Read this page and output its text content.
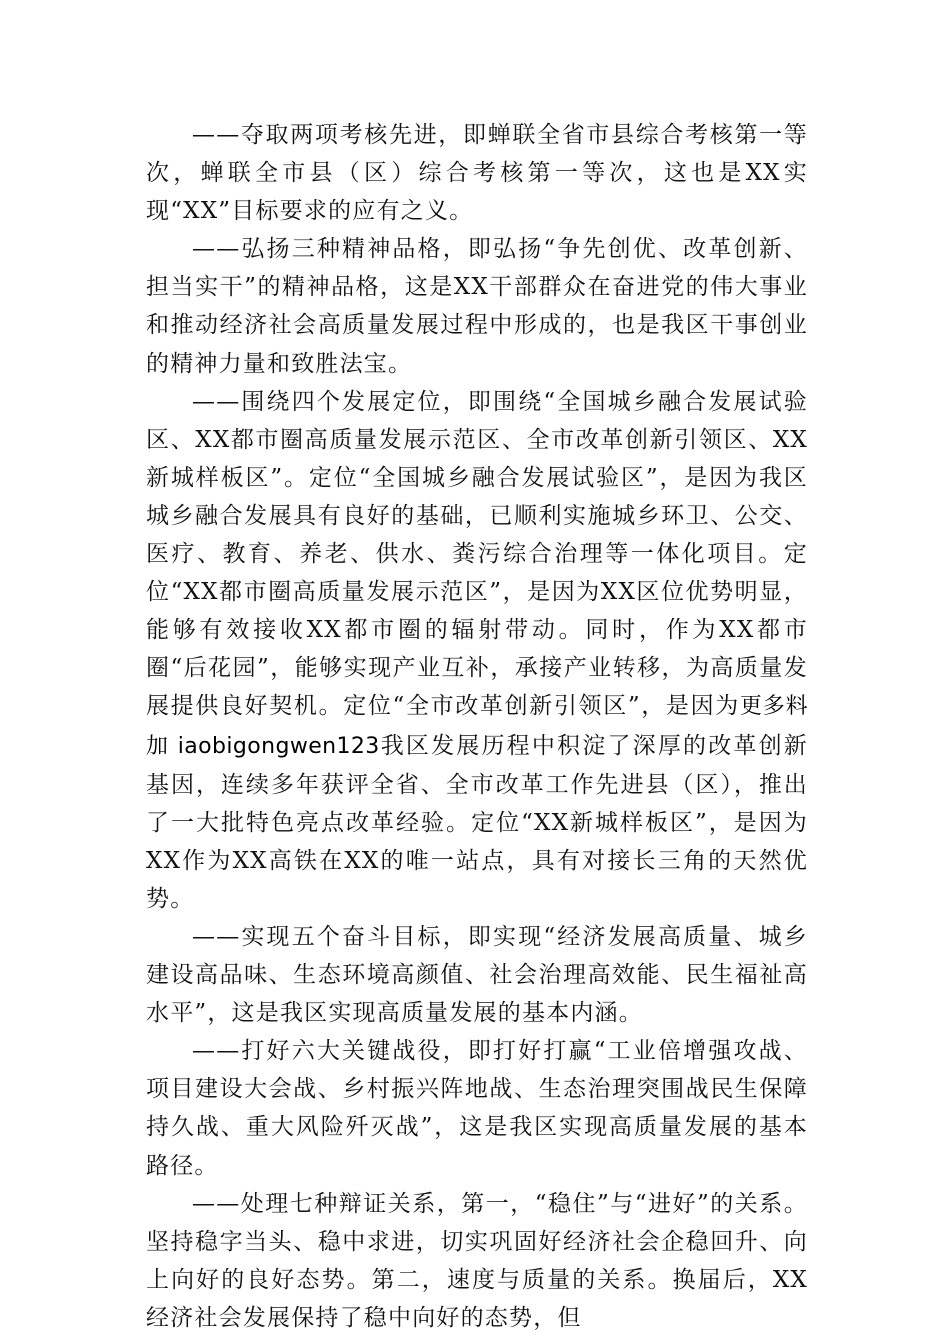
——夺取两项考核先进，即蝉联全省市县综合考核第一等次，蝉联全市县（区）综合考核第一等次，这也是XX实现“XX”目标要求的应有之义。

——弘扬三种精神品格，即弘扬“争先创优、改革创新、担当实干”的精神品格，这是XX干部群众在奋进党的伟大事业和推动经济社会高质量发展过程中形成的，也是我区干事创业的精神力量和致胜法宝。

——围绕四个发展定位，即围绕“全国城乡融合发展试验区、XX都市圈高质量发展示范区、全市改革创新引领区、XX新城样板区”。定位“全国城乡融合发展试验区”，是因为我区城乡融合发展具有良好的基础，已顺利实施城乡环卫、公交、医疗、教育、养老、供水、粪污综合治理等一体化项目。定位“XX都市圈高质量发展示范区”，是因为XX区位优势明显，能够有效接收XX都市圈的辐射带动。同时，作为XX都市圈“后花园”，能够实现产业互补，承接产业转移，为高质量发展提供良好契机。定位“全市改革创新引领区”，是因为更多料加 iaobigongwen123我区发展历程中积淀了深厚的改革创新基因，连续多年获评全省、全市改革工作先进县（区），推出了一大批特色亮点改革经验。定位“XX新城样板区”，是因为XX作为XX高铁在XX的唯一站点，具有对接长三角的天然优势。

——实现五个奋斗目标，即实现“经济发展高质量、城乡建设高品味、生态环境高颜值、社会治理高效能、民生福祉高水平”，这是我区实现高质量发展的基本内涵。

——打好六大关键战役，即打好打赢“工业倍增强攻战、项目建设大会战、乡村振兴阵地战、生态治理突围战民生保障持久战、重大风险歼灭战”，这是我区实现高质量发展的基本路径。

——处理七种辩证关系，第一，“稳住”与“进好”的关系。坚持稳字当头、稳中求进，切实巩固好经济社会企稳回升、向上向好的良好态势。第二，速度与质量的关系。换届后，XX经济社会发展保持了稳中向好的态势，但
